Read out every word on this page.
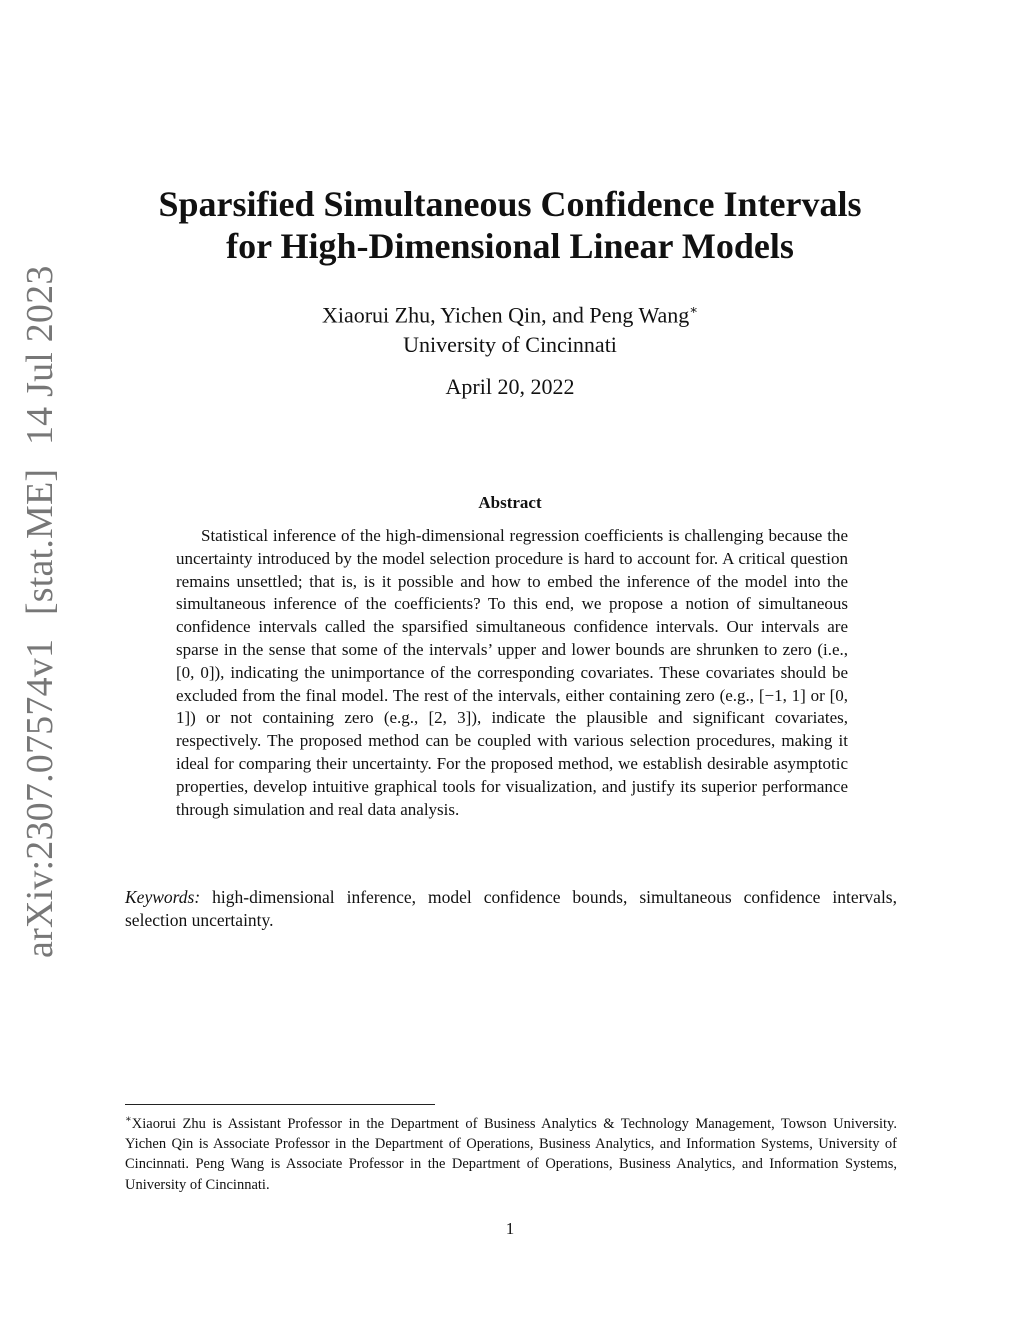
arXiv:2307.07574v1 [stat.ME] 14 Jul 2023
Sparsified Simultaneous Confidence Intervals
for High-Dimensional Linear Models
Xiaorui Zhu, Yichen Qin, and Peng Wang∗
University of Cincinnati
April 20, 2022
Abstract

Statistical inference of the high-dimensional regression coefficients is challenging because the uncertainty introduced by the model selection procedure is hard to account for. A critical question remains unsettled; that is, is it possible and how to embed the inference of the model into the simultaneous inference of the coefficients? To this end, we propose a notion of simultaneous confidence intervals called the sparsified simultaneous confidence intervals. Our intervals are sparse in the sense that some of the intervals’ upper and lower bounds are shrunken to zero (i.e., [0, 0]), indicating the unimportance of the corresponding covariates. These covariates should be excluded from the final model. The rest of the intervals, either containing zero (e.g., [−1, 1] or [0, 1]) or not containing zero (e.g., [2, 3]), indicate the plausible and significant covariates, respectively. The proposed method can be coupled with various selection procedures, making it ideal for comparing their uncertainty. For the proposed method, we establish desirable asymptotic properties, develop intuitive graphical tools for visualization, and justify its superior performance through simulation and real data analysis.

Keywords: high-dimensional inference, model confidence bounds, simultaneous confidence intervals, selection uncertainty.

∗Xiaorui Zhu is Assistant Professor in the Department of Business Analytics & Technology Management, Towson University. Yichen Qin is Associate Professor in the Department of Operations, Business Analytics, and Information Systems, University of Cincinnati. Peng Wang is Associate Professor in the Department of Operations, Business Analytics, and Information Systems, University of Cincinnati.

1
